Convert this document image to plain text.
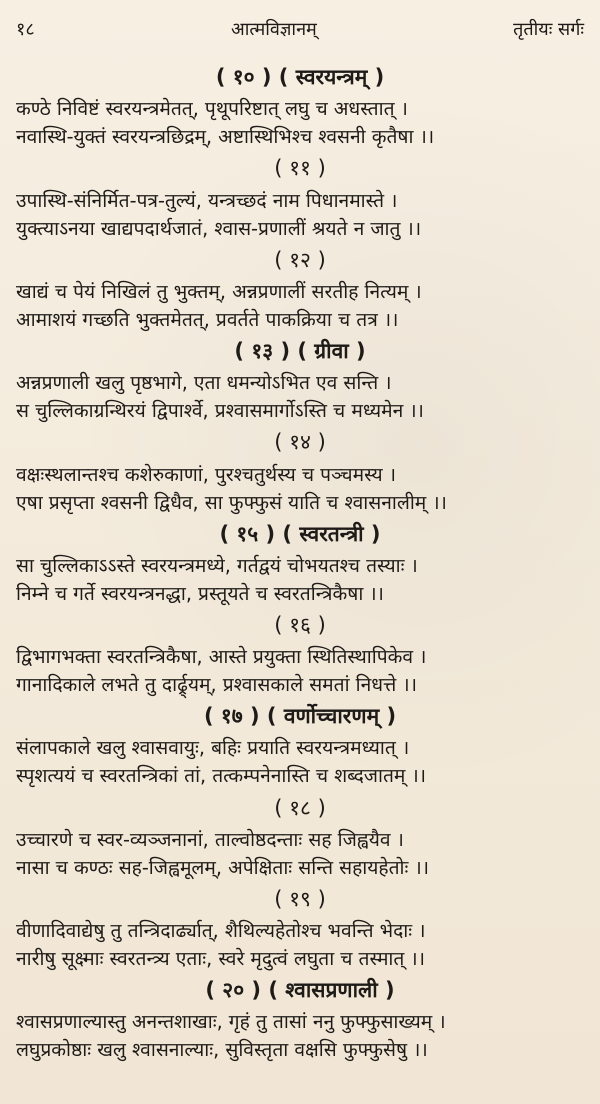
१८	आत्मविज्ञानम्	तृतीयः सर्गः
( १० ) ( स्वरयन्त्रम् )

कण्ठे निविष्टं स्वरयन्त्रमेतत्, पृथूपरिष्टात् लघु च अधस्तात् ।

नवास्थि-युक्तं स्वरयन्त्रछिद्रम्, अष्टास्थिभिश्च श्वसनी कृतैषा ।।

( ११ )

उपास्थि-संनिर्मित-पत्र-तुल्यं, यन्त्रच्छदं नाम पिधानमास्ते ।

युक्त्याऽनया खाद्यपदार्थजातं, श्वास-प्रणालीं श्रयते न जातु ।।

( १२ )

खाद्यं च पेयं निखिलं तु भुक्तम्, अन्नप्रणालीं सरतीह नित्यम् ।

आमाशयं गच्छति भुक्तमेतत्, प्रवर्तते पाकक्रिया च तत्र ।।

( १३ ) ( ग्रीवा )

अन्नप्रणाली खलु पृष्ठभागे, एता धमन्योऽभित एव सन्ति ।

स चुल्लिकाग्रन्थिरयं द्विपार्श्वे, प्रश्वासमार्गोऽस्ति च मध्यमेन ।।

( १४ )

वक्षःस्थलान्तश्च कशेरुकाणां, पुरश्चतुर्थस्य च पञ्चमस्य ।

एषा प्रसृप्ता श्वसनी द्विधैव, सा फुफ्फुसं याति च श्वासनालीम् ।।

( १५ ) ( स्वरतन्त्री )

सा चुल्लिकाऽऽस्ते स्वरयन्त्रमध्ये, गर्तद्वयं चोभयतश्च तस्याः ।

निम्ने च गर्ते स्वरयन्त्रनद्धा, प्रस्तूयते च स्वरतन्त्रिकैषा ।।

( १६ )

द्विभागभक्ता स्वरतन्त्रिकैषा, आस्ते प्रयुक्ता स्थितिस्थापिकेव ।

गानादिकाले लभते तु दार्ढ्र्यम्, प्रश्वासकाले समतां निधत्ते ।।

( १७ ) ( वर्णोच्चारणम् )

संलापकाले खलु श्वासवायुः, बहिः प्रयाति स्वरयन्त्रमध्यात् ।

स्पृशत्ययं च स्वरतन्त्रिकां तां, तत्कम्पनेनास्ति च शब्दजातम् ।।

( १८ )

उच्चारणे च स्वर-व्यञ्जनानां, ताल्वोष्ठदन्ताः सह जिह्वयैव ।

नासा च कण्ठः सह-जिह्वमूलम्, अपेक्षिताः सन्ति सहायहेतोः ।।

( १९ )

वीणादिवाद्येषु तु तन्त्रिदार्ढ्यात्, शैथिल्यहेतोश्च भवन्ति भेदाः ।

नारीषु सूक्ष्माः स्वरतन्त्र्य एताः, स्वरे मृदुत्वं लघुता च तस्मात् ।।

( २० ) ( श्वासप्रणाली )

श्वासप्रणाल्यास्तु अनन्तशाखाः, गृहं तु तासां ननु फुफ्फुसाख्यम् ।

लघुप्रकोष्ठाः खलु श्वासनाल्याः, सुविस्तृता वक्षसि फुफ्फुसेषु ।।
